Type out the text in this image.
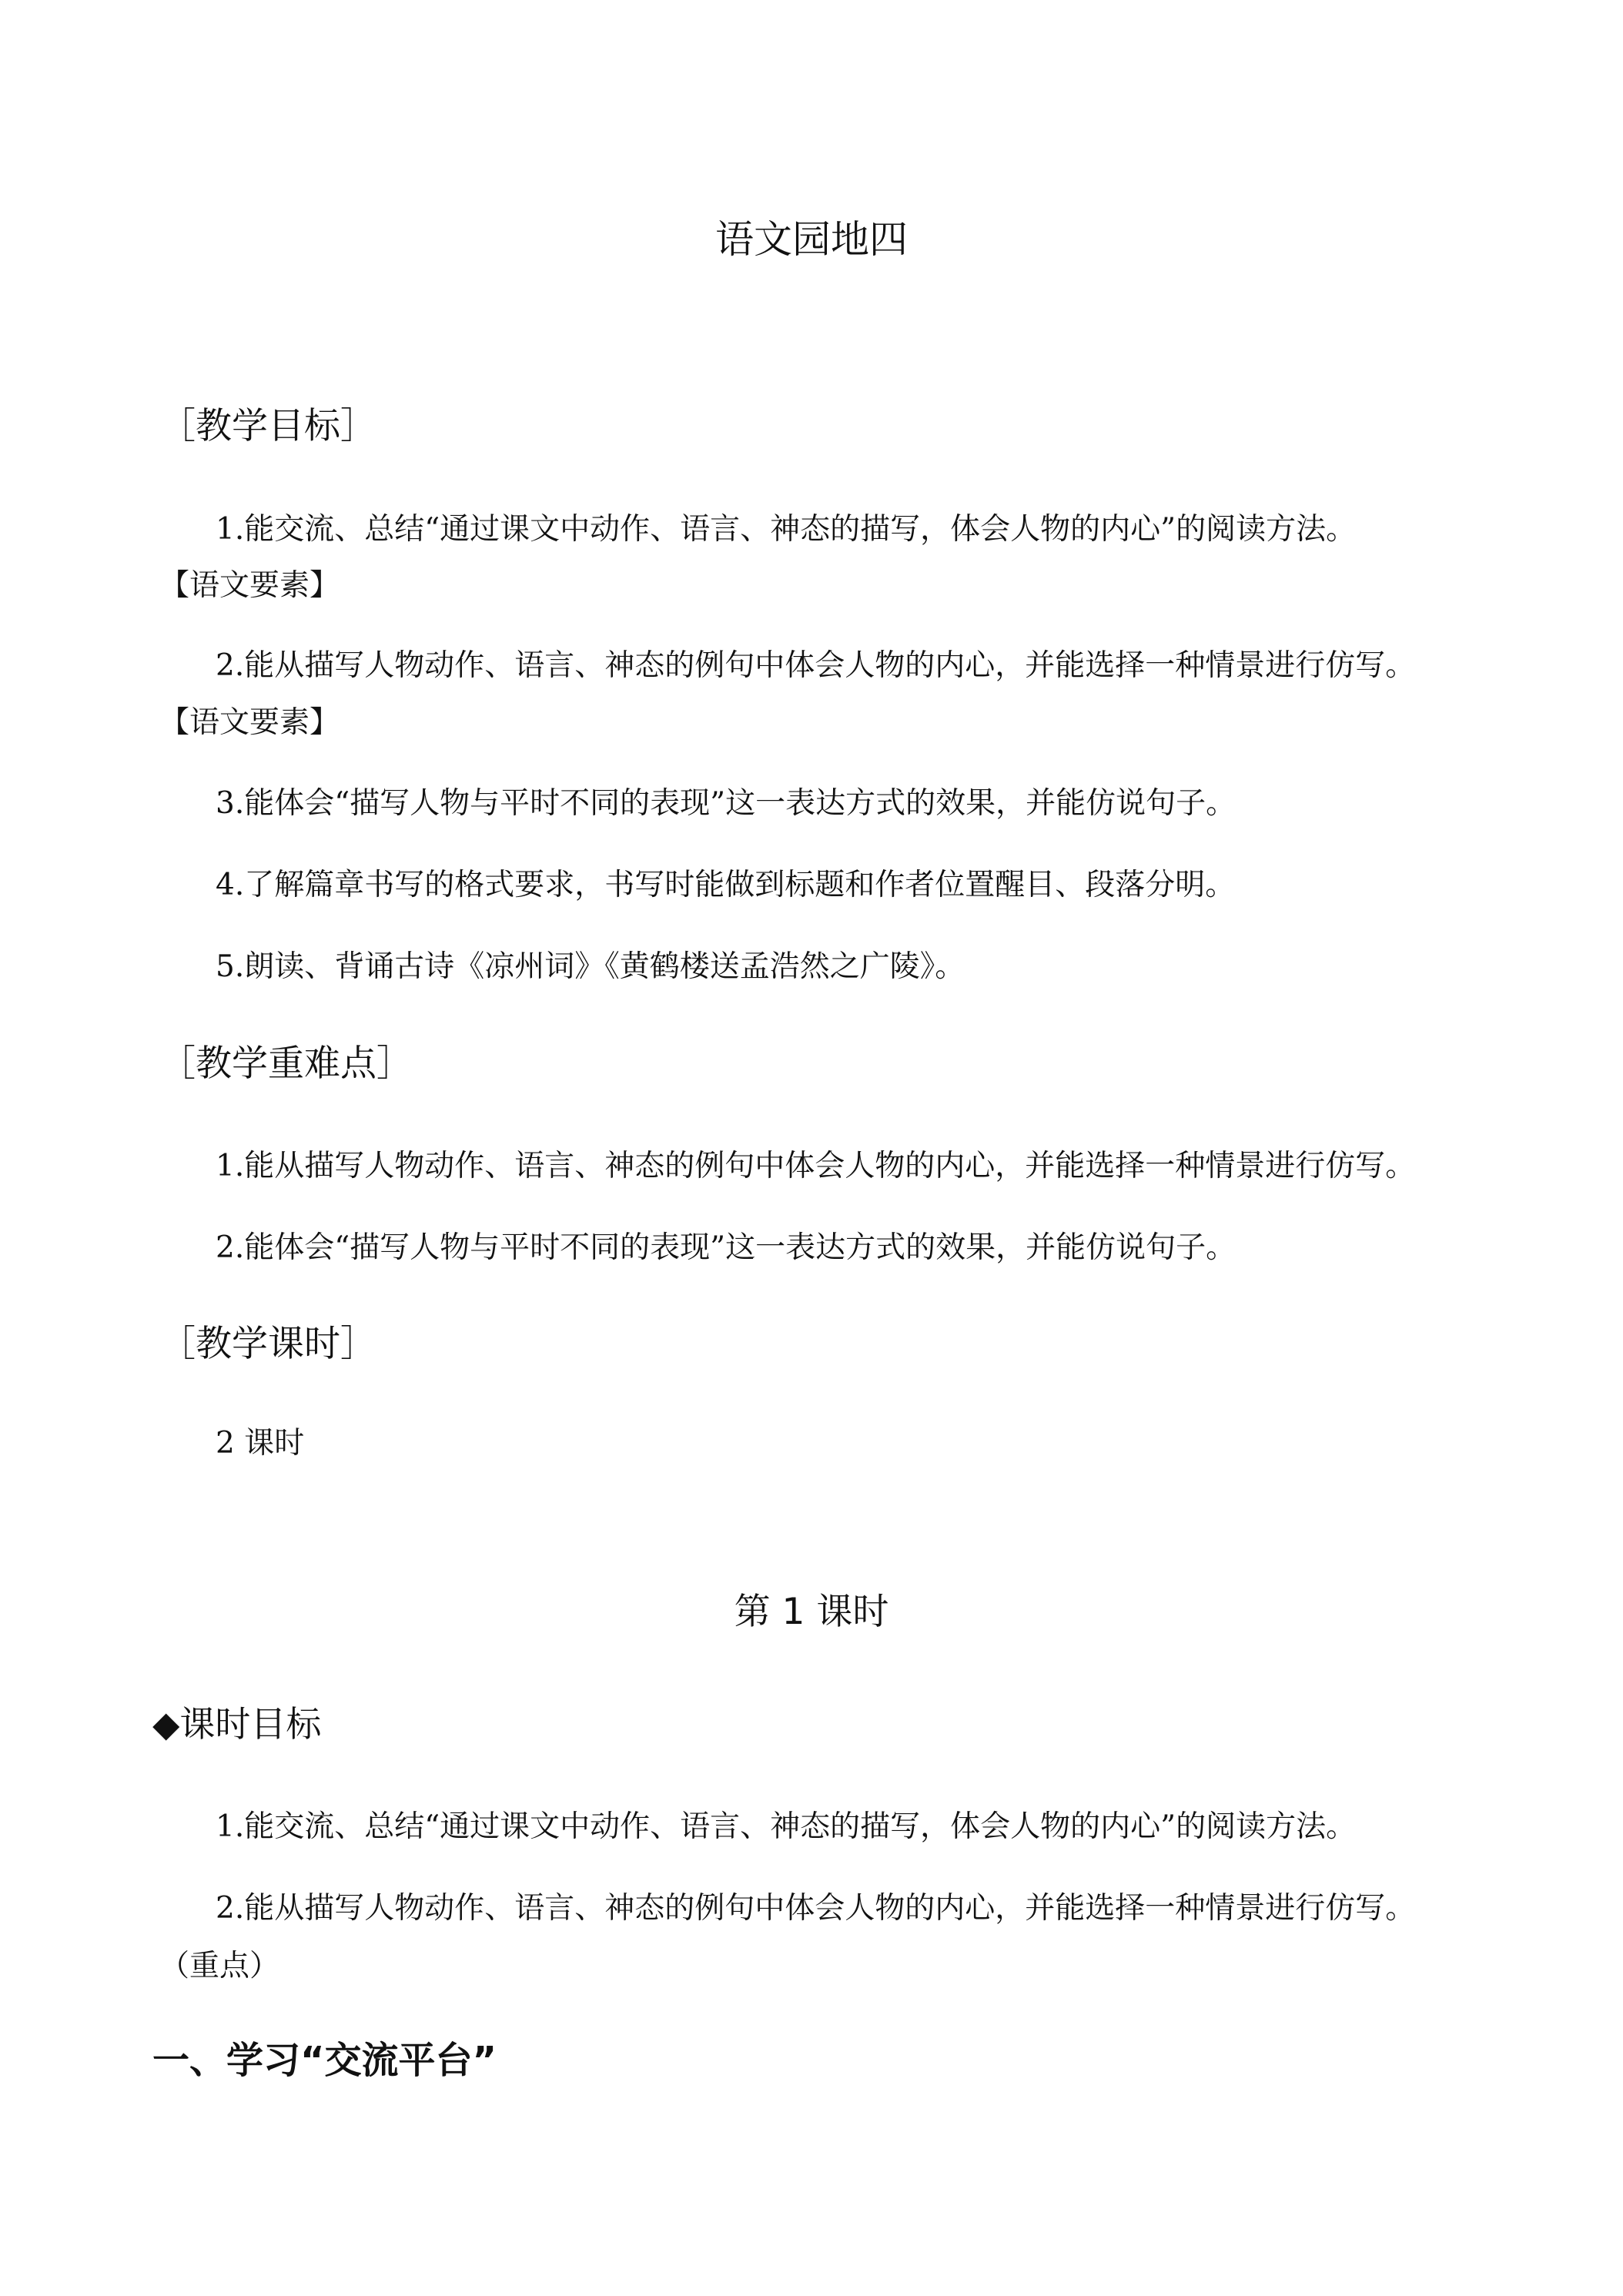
语文园地四
［教学目标］
1.能交流、总结“通过课文中动作、语言、神态的描写，体会人物的内心”的阅读方法。
【语文要素】
2.能从描写人物动作、语言、神态的例句中体会人物的内心，并能选择一种情景进行仿写。
【语文要素】
3.能体会“描写人物与平时不同的表现”这一表达方式的效果，并能仿说句子。
4.了解篇章书写的格式要求，书写时能做到标题和作者位置醒目、段落分明。
5.朗读、背诵古诗《凉州词》《黄鹤楼送孟浩然之广陵》。
［教学重难点］
1.能从描写人物动作、语言、神态的例句中体会人物的内心，并能选择一种情景进行仿写。
2.能体会“描写人物与平时不同的表现”这一表达方式的效果，并能仿说句子。
［教学课时］
2 课时
第 1 课时
◆课时目标
1.能交流、总结“通过课文中动作、语言、神态的描写，体会人物的内心”的阅读方法。
2.能从描写人物动作、语言、神态的例句中体会人物的内心，并能选择一种情景进行仿写。
（重点）
一、学习“交流平台”
